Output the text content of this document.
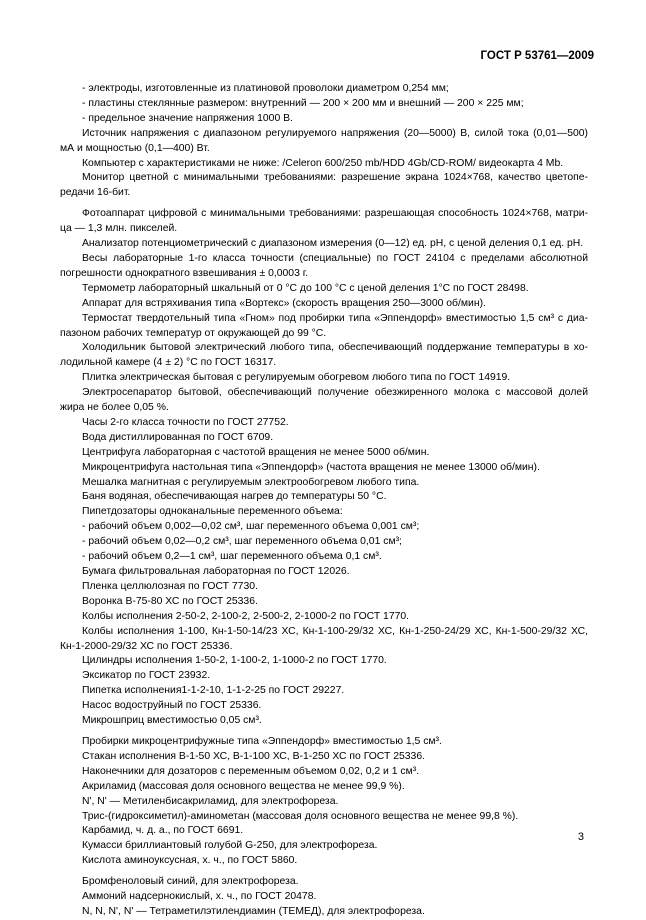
ГОСТ Р 53761—2009

- электроды, изготовленные из платиновой проволоки диаметром 0,254 мм;

- пластины стеклянные размером: внутренний — 200 × 200 мм и внешний — 200 × 225 мм;

- предельное значение напряжения 1000 В.

Источник напряжения с диапазоном регулируемого напряжения (20—5000) В, силой тока (0,01—500) мА и мощностью (0,1—400) Вт.

Компьютер с характеристиками не ниже: /Celeron 600/250 mb/HDD 4Gb/CD-ROM/ видеокарта 4 Mb.

Монитор цветной с минимальными требованиями: разрешение экрана 1024×768, качество цветопе-редачи 16-бит.

Фотоаппарат цифровой с минимальными требованиями: разрешающая способность 1024×768, матри-ца — 1,3 млн. пикселей.

Анализатор потенциометрический с диапазоном измерения (0—12) ед. рН, с ценой деления 0,1 ед. рН.

Весы лабораторные 1-го класса точности (специальные) по ГОСТ 24104 с пределами абсолютной погрешности однократного взвешивания ± 0,0003 г.

Термометр лабораторный шкальный от 0 °С до 100 °С с ценой деления 1°С по ГОСТ 28498.

Аппарат для встряхивания типа «Вортекс» (скорость вращения 250—3000 об/мин).

Термостат твердотельный типа «Гном» под пробирки типа «Эппендорф» вместимостью 1,5 см³ с диа-пазоном рабочих температур от окружающей до 99 °С.

Холодильник бытовой электрический любого типа, обеспечивающий поддержание температуры в хо-лодильной камере (4 ± 2) °С по ГОСТ 16317.

Плитка электрическая бытовая с регулируемым обогревом любого типа по ГОСТ 14919.

Электросепаратор бытовой, обеспечивающий получение обезжиренного молока с массовой долей жира не более 0,05 %.

Часы 2-го класса точности по ГОСТ 27752.

Вода дистиллированная по ГОСТ 6709.

Центрифуга лабораторная с частотой вращения не менее 5000 об/мин.

Микроцентрифуга настольная типа «Эппендорф» (частота вращения не менее 13000 об/мин).

Мешалка магнитная с регулируемым электрообогревом любого типа.

Баня водяная, обеспечивающая нагрев до температуры 50 °С.

Пипетдозаторы одноканальные переменного объема:

- рабочий объем 0,002—0,02 см³, шаг переменного объема 0,001 см³;

- рабочий объем 0,02—0,2 см³, шаг переменного объема 0,01 см³;

- рабочий объем 0,2—1 см³, шаг переменного объема 0,1 см³.

Бумага фильтровальная лабораторная по ГОСТ 12026.

Пленка целлюлозная по ГОСТ 7730.

Воронка В-75-80 ХС по ГОСТ 25336.

Колбы исполнения 2-50-2, 2-100-2, 2-500-2, 2-1000-2 по ГОСТ 1770.

Колбы исполнения 1-100, Кн-1-50-14/23 ХС, Кн-1-100-29/32 ХС, Кн-1-250-24/29 ХС, Кн-1-500-29/32 ХС, Кн-1-2000-29/32 ХС по ГОСТ 25336.

Цилиндры исполнения 1-50-2, 1-100-2, 1-1000-2 по ГОСТ 1770.

Эксикатор по ГОСТ 23932.

Пипетка исполнения1-1-2-10, 1-1-2-25 по ГОСТ 29227.

Насос водоструйный по ГОСТ 25336.

Микрошприц вместимостью 0,05 см³.

Пробирки микроцентрифужные типа «Эппендорф» вместимостью 1,5 см³.

Стакан исполнения В-1-50 ХС, В-1-100 ХС, В-1-250 ХС по ГОСТ 25336.

Наконечники для дозаторов с переменным объемом 0,02, 0,2 и 1 см³.

Акриламид (массовая доля основного вещества не менее 99,9 %).

N', N' — Метиленбисакриламид, для электрофореза.

Трис-(гидроксиметил)-аминометан (массовая доля основного вещества не менее 99,8 %).

Карбамид, ч. д. а., по ГОСТ 6691.

Кумасси бриллиантовый голубой G-250, для электрофореза.

Кислота аминоуксусная, х. ч., по ГОСТ 5860.

Бромфеноловый синий, для электрофореза.

Аммоний надсернокислый, х. ч., по ГОСТ 20478.

N, N, N', N' — Тетраметилэтилендиамин (ТЕМЕД), для электрофореза.

3
